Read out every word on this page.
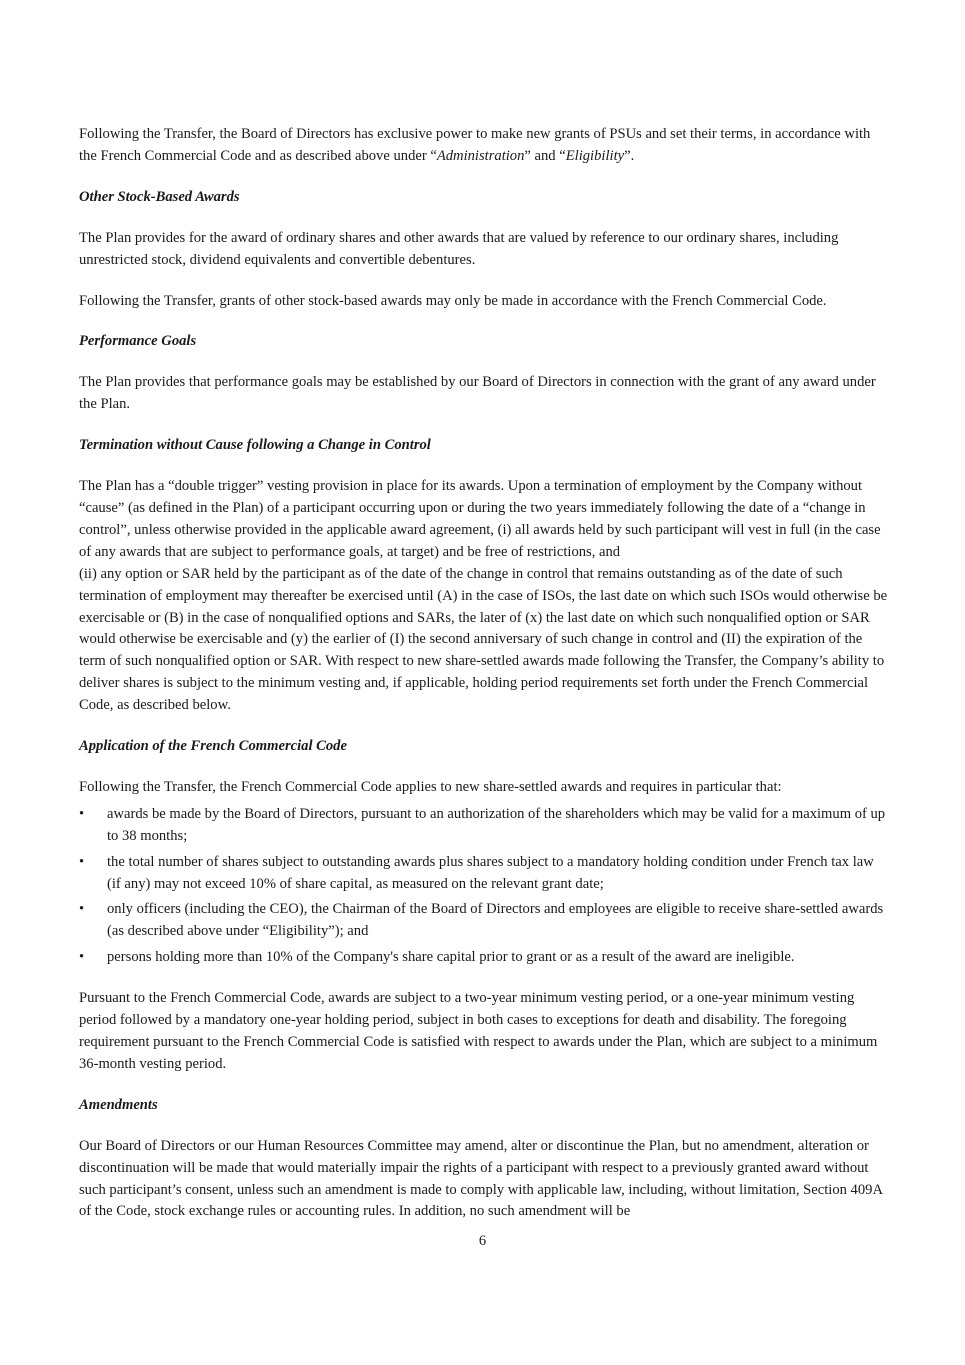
Following the Transfer, the Board of Directors has exclusive power to make new grants of PSUs and set their terms, in accordance with the French Commercial Code and as described above under “Administration” and “Eligibility”.

Other Stock-Based Awards

The Plan provides for the award of ordinary shares and other awards that are valued by reference to our ordinary shares, including unrestricted stock, dividend equivalents and convertible debentures.

Following the Transfer, grants of other stock-based awards may only be made in accordance with the French Commercial Code.

Performance Goals

The Plan provides that performance goals may be established by our Board of Directors in connection with the grant of any award under the Plan.

Termination without Cause following a Change in Control

The Plan has a “double trigger” vesting provision in place for its awards. Upon a termination of employment by the Company without “cause” (as defined in the Plan) of a participant occurring upon or during the two years immediately following the date of a “change in control”, unless otherwise provided in the applicable award agreement, (i) all awards held by such participant will vest in full (in the case of any awards that are subject to performance goals, at target) and be free of restrictions, and

(ii) any option or SAR held by the participant as of the date of the change in control that remains outstanding as of the date of such termination of employment may thereafter be exercised until (A) in the case of ISOs, the last date on which such ISOs would otherwise be exercisable or (B) in the case of nonqualified options and SARs, the later of (x) the last date on which such nonqualified option or SAR would otherwise be exercisable and (y) the earlier of (I) the second anniversary of such change in control and (II) the expiration of the term of such nonqualified option or SAR. With respect to new share-settled awards made following the Transfer, the Company’s ability to deliver shares is subject to the minimum vesting and, if applicable, holding period requirements set forth under the French Commercial Code, as described below.

Application of the French Commercial Code

Following the Transfer, the French Commercial Code applies to new share-settled awards and requires in particular that:

• awards be made by the Board of Directors, pursuant to an authorization of the shareholders which may be valid for a maximum of up to 38 months;
• the total number of shares subject to outstanding awards plus shares subject to a mandatory holding condition under French tax law (if any) may not exceed 10% of share capital, as measured on the relevant grant date;
• only officers (including the CEO), the Chairman of the Board of Directors and employees are eligible to receive share-settled awards (as described above under “Eligibility”); and
• persons holding more than 10% of the Company's share capital prior to grant or as a result of the award are ineligible.

Pursuant to the French Commercial Code, awards are subject to a two-year minimum vesting period, or a one-year minimum vesting period followed by a mandatory one-year holding period, subject in both cases to exceptions for death and disability. The foregoing requirement pursuant to the French Commercial Code is satisfied with respect to awards under the Plan, which are subject to a minimum 36-month vesting period.

Amendments

Our Board of Directors or our Human Resources Committee may amend, alter or discontinue the Plan, but no amendment, alteration or discontinuation will be made that would materially impair the rights of a participant with respect to a previously granted award without such participant’s consent, unless such an amendment is made to comply with applicable law, including, without limitation, Section 409A of the Code, stock exchange rules or accounting rules. In addition, no such amendment will be

6
